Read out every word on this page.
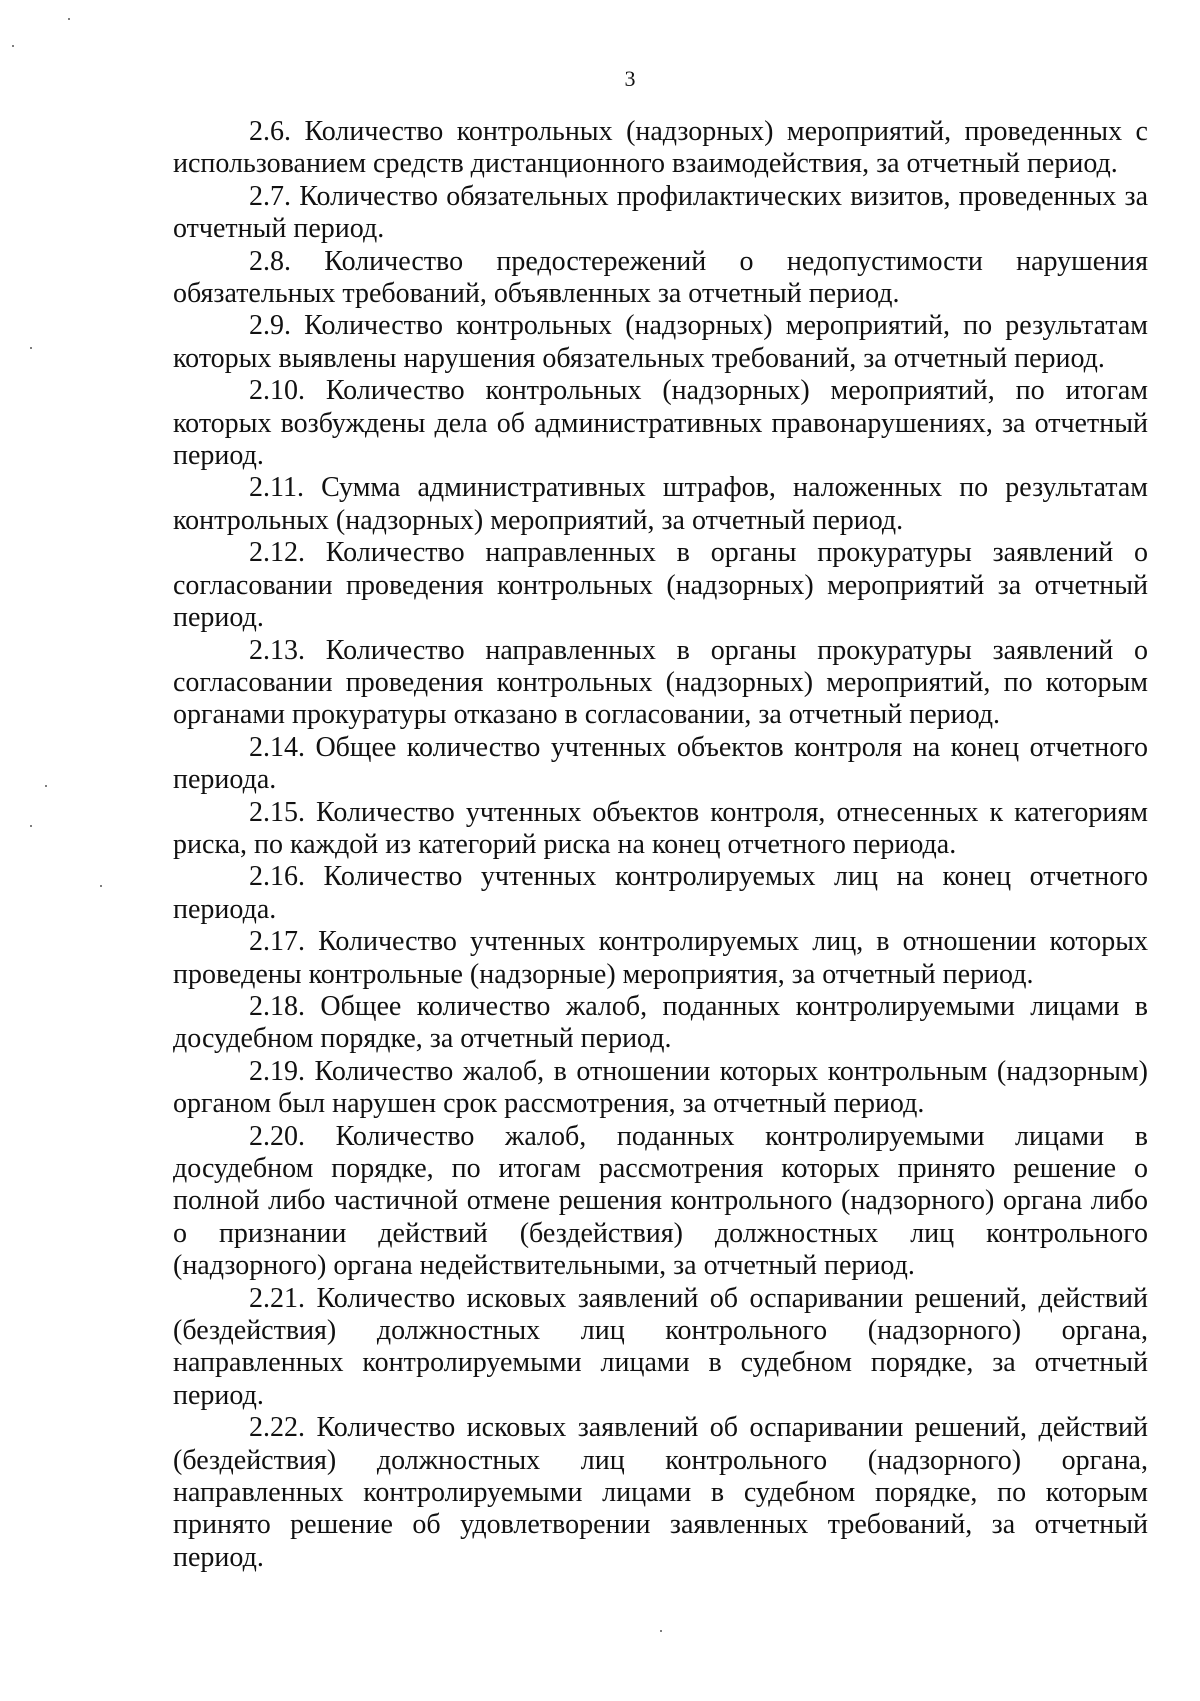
3

2.6. Количество контрольных (надзорных) мероприятий, проведенных с использованием средств дистанционного взаимодействия, за отчетный период.

2.7. Количество обязательных профилактических визитов, проведенных за отчетный период.

2.8. Количество предостережений о недопустимости нарушения обязательных требований, объявленных за отчетный период.

2.9. Количество контрольных (надзорных) мероприятий, по результатам которых выявлены нарушения обязательных требований, за отчетный период.

2.10. Количество контрольных (надзорных) мероприятий, по итогам которых возбуждены дела об административных правонарушениях, за отчетный период.

2.11. Сумма административных штрафов, наложенных по результатам контрольных (надзорных) мероприятий, за отчетный период.

2.12. Количество направленных в органы прокуратуры заявлений о согласовании проведения контрольных (надзорных) мероприятий за отчетный период.

2.13. Количество направленных в органы прокуратуры заявлений о согласовании проведения контрольных (надзорных) мероприятий, по которым органами прокуратуры отказано в согласовании, за отчетный период.

2.14. Общее количество учтенных объектов контроля на конец отчетного периода.

2.15. Количество учтенных объектов контроля, отнесенных к категориям риска, по каждой из категорий риска на конец отчетного периода.

2.16. Количество учтенных контролируемых лиц на конец отчетного периода.

2.17. Количество учтенных контролируемых лиц, в отношении которых проведены контрольные (надзорные) мероприятия, за отчетный период.

2.18. Общее количество жалоб, поданных контролируемыми лицами в досудебном порядке, за отчетный период.

2.19. Количество жалоб, в отношении которых контрольным (надзорным) органом был нарушен срок рассмотрения, за отчетный период.

2.20. Количество жалоб, поданных контролируемыми лицами в досудебном порядке, по итогам рассмотрения которых принято решение о полной либо частичной отмене решения контрольного (надзорного) органа либо о признании действий (бездействия) должностных лиц контрольного (надзорного) органа недействительными, за отчетный период.

2.21. Количество исковых заявлений об оспаривании решений, действий (бездействия) должностных лиц контрольного (надзорного) органа, направленных контролируемыми лицами в судебном порядке, за отчетный период.

2.22. Количество исковых заявлений об оспаривании решений, действий (бездействия) должностных лиц контрольного (надзорного) органа, направленных контролируемыми лицами в судебном порядке, по которым принято решение об удовлетворении заявленных требований, за отчетный период.
